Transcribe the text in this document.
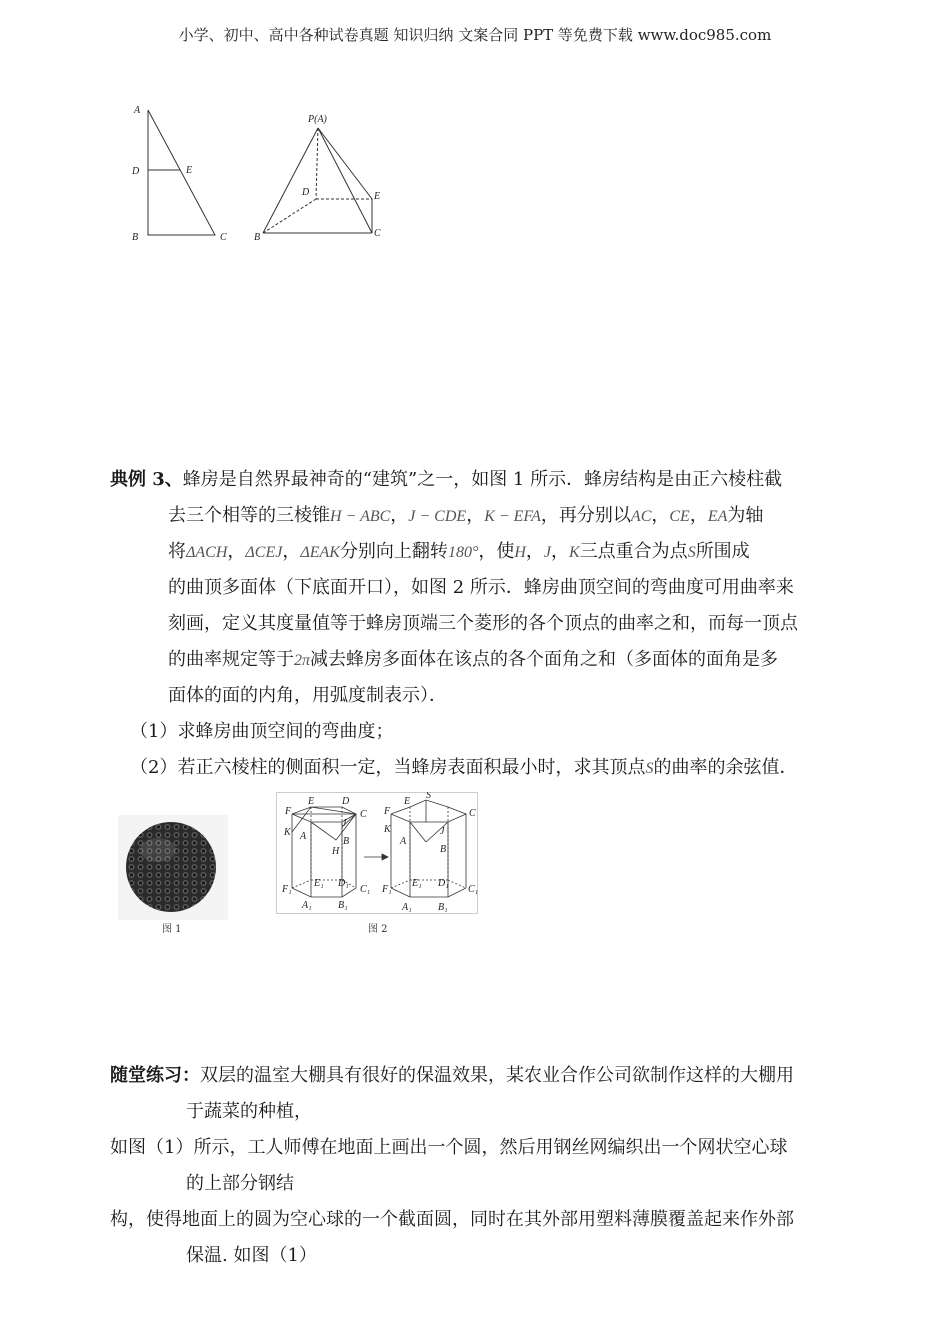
小学、初中、高中各种试卷真题 知识归纳 文案合同 PPT 等免费下载 www.doc985.com
A
D	E
B	C
P(A)
D	E
B	C
典例 3、蜂房是自然界最神奇的“建筑”之一，如图 1 所示．蜂房结构是由正六棱柱截
去三个相等的三棱锥H − ABC，J − CDE，K − EFA，再分别以AC，CE，EA为轴
将ΔACH，ΔCEJ，ΔEAK分别向上翻转180°，使H，J，K三点重合为点S所围成
的曲顶多面体（下底面开口），如图 2 所示．蜂房曲顶空间的弯曲度可用曲率来
刻画，定义其度量值等于蜂房顶端三个菱形的各个顶点的曲率之和，而每一顶点
的曲率规定等于2π减去蜂房多面体在该点的各个面角之和（多面体的面角是多
面体的面的内角，用弧度制表示）．
（1）求蜂房曲顶空间的弯曲度；
（2）若正六棱柱的侧面积一定，当蜂房表面积最小时，求其顶点S的曲率的余弦值．
图 1
F
E	D
C
K A
J
B
H
F₁
E₁ D₁
C₁
A₁	B₁
E
S
F	C
K
A
J
B
F₁
E₁ D₁
C₁
A₁	B₁
图 2
随堂练习：双层的温室大棚具有很好的保温效果，某农业合作公司欲制作这样的大棚用
于蔬菜的种植，
如图（1）所示，工人师傅在地面上画出一个圆，然后用钢丝网编织出一个网状空心球
的上部分钢结
构，使得地面上的圆为空心球的一个截面圆，同时在其外部用塑料薄膜覆盖起来作外部
保温. 如图（1）
